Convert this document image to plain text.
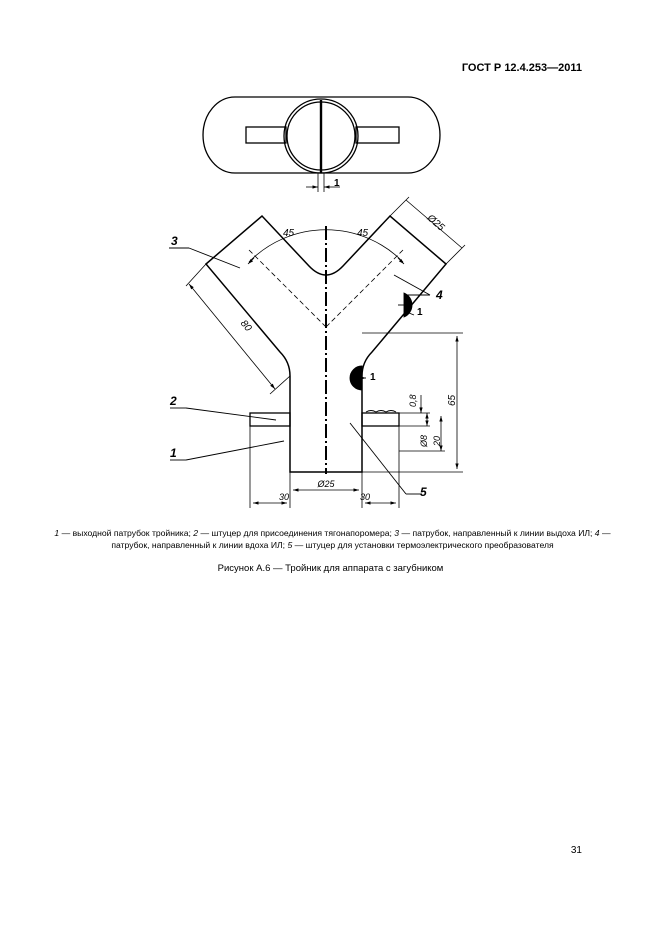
ГОСТ Р 12.4.253—2011
1
45	45
Ø25
80
65
0,8
Ø8 20
1
1
Ø25
30	30
3
4
2
1
5
1 — выходной патрубок тройника; 2 — штуцер для присоединения тягонапоромера; 3 — патрубок, направленный к линии выдоха ИЛ; 4 — патрубок, направленный к линии вдоха ИЛ; 5 — штуцер для установки термоэлектрического преобразователя
Рисунок А.6 — Тройник для аппарата с загубником
31
